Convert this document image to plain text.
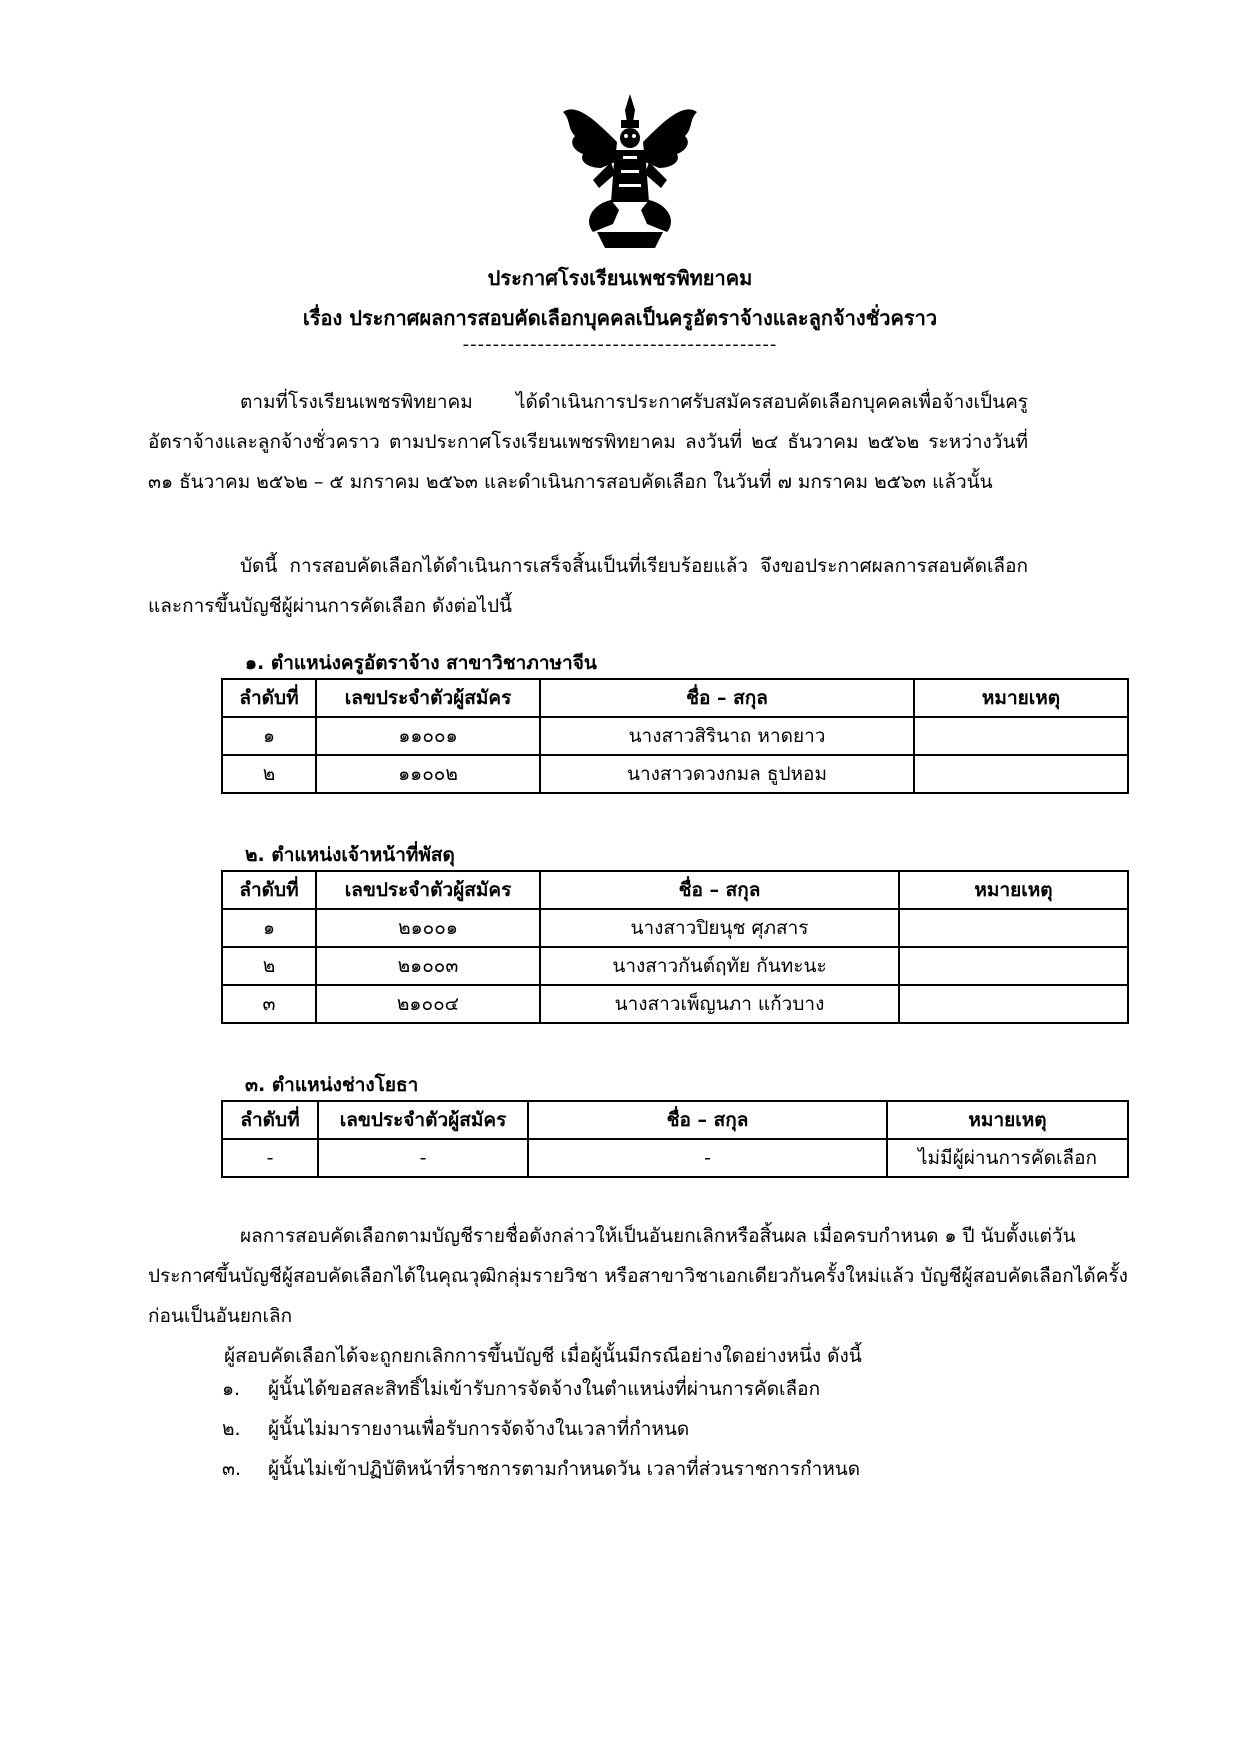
ประกาศโรงเรียนเพชรพิทยาคม
เรื่อง ประกาศผลการสอบคัดเลือกบุคคลเป็นครูอัตราจ้างและลูกจ้างชั่วคราว
------------------------------------------

ตามที่โรงเรียนเพชรพิทยาคม ได้ดำเนินการประกาศรับสมัครสอบคัดเลือกบุคคลเพื่อจ้างเป็นครูอัตราจ้างและลูกจ้างชั่วคราว ตามประกาศโรงเรียนเพชรพิทยาคม ลงวันที่ ๒๔ ธันวาคม ๒๕๖๒ ระหว่างวันที่ ๓๑ ธันวาคม ๒๕๖๒ – ๕ มกราคม ๒๕๖๓ และดำเนินการสอบคัดเลือก ในวันที่ ๗ มกราคม ๒๕๖๓ แล้วนั้น

บัดนี้ การสอบคัดเลือกได้ดำเนินการเสร็จสิ้นเป็นที่เรียบร้อยแล้ว จึงขอประกาศผลการสอบคัดเลือกและการขึ้นบัญชีผู้ผ่านการคัดเลือก ดังต่อไปนี้

๑. ตำแหน่งครูอัตราจ้าง สาขาวิชาภาษาจีน
ลำดับที่	เลขประจำตัวผู้สมัคร	ชื่อ – สกุล	หมายเหตุ
๑	๑๑๐๐๑	นางสาวสิรินาถ หาดยาว	
๒	๑๑๐๐๒	นางสาวดวงกมล ธูปหอม	
๒. ตำแหน่งเจ้าหน้าที่พัสดุ
ลำดับที่	เลขประจำตัวผู้สมัคร	ชื่อ – สกุล	หมายเหตุ
๑	๒๑๐๐๑	นางสาวปิยนุช ศุภสาร	
๒	๒๑๐๐๓	นางสาวกันต์ฤทัย กันทะนะ	
๓	๒๑๐๐๔	นางสาวเพ็ญนภา แก้วบาง	
๓. ตำแหน่งช่างโยธา
ลำดับที่	เลขประจำตัวผู้สมัคร	ชื่อ – สกุล	หมายเหตุ
-	-	-	ไม่มีผู้ผ่านการคัดเลือก

ผลการสอบคัดเลือกตามบัญชีรายชื่อดังกล่าวให้เป็นอันยกเลิกหรือสิ้นผล เมื่อครบกำหนด ๑ ปี นับตั้งแต่วันประกาศขึ้นบัญชีผู้สอบคัดเลือกได้ในคุณวุฒิกลุ่มรายวิชา หรือสาขาวิชาเอกเดียวกันครั้งใหม่แล้ว บัญชีผู้สอบคัดเลือกได้ครั้งก่อนเป็นอันยกเลิก

ผู้สอบคัดเลือกได้จะถูกยกเลิกการขึ้นบัญชี เมื่อผู้นั้นมีกรณีอย่างใดอย่างหนึ่ง ดังนี้

๑. ผู้นั้นได้ขอสละสิทธิ์ไม่เข้ารับการจัดจ้างในตำแหน่งที่ผ่านการคัดเลือก
๒. ผู้นั้นไม่มารายงานเพื่อรับการจัดจ้างในเวลาที่กำหนด
๓. ผู้นั้นไม่เข้าปฏิบัติหน้าที่ราชการตามกำหนดวัน เวลาที่ส่วนราชการกำหนด
